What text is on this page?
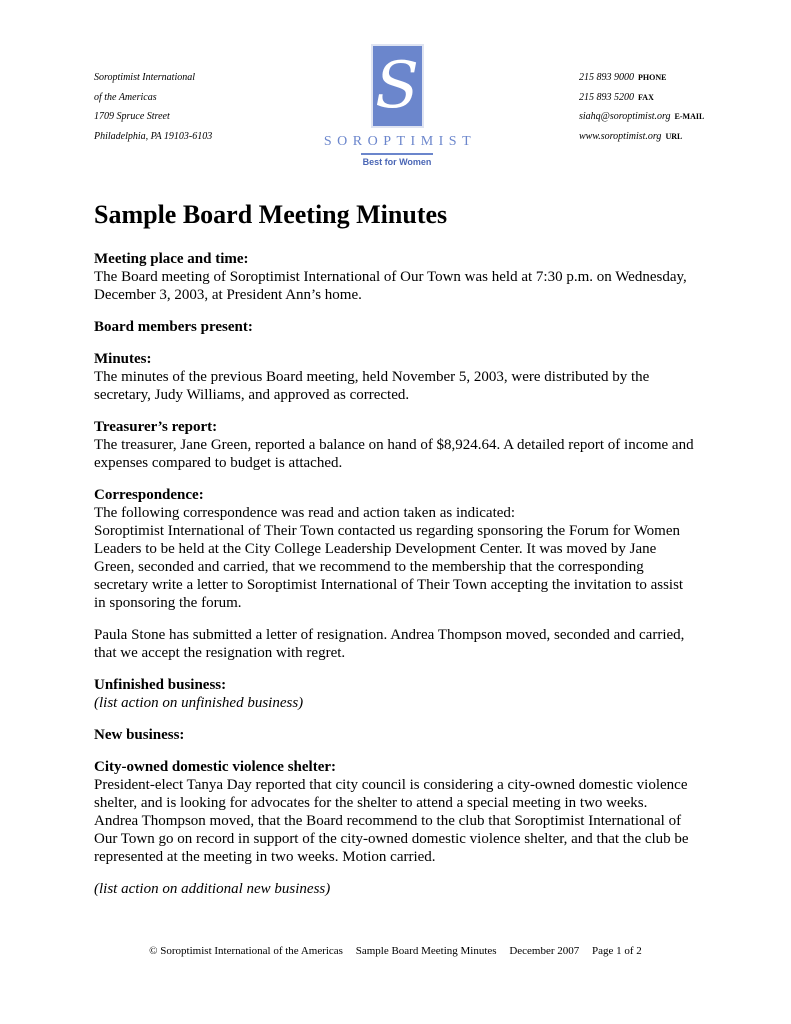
Soroptimist International
of the Americas
1709 Spruce Street
Philadelphia, PA 19103-6103
S
SOROPTIMIST
Best for Women
215 893 9000 PHONE
215 893 5200 FAX
siahq@soroptimist.org E-MAIL
www.soroptimist.org URL
Sample Board Meeting Minutes

Meeting place and time:
The Board meeting of Soroptimist International of Our Town was held at 7:30 p.m. on Wednesday, December 3, 2003, at President Ann’s home.

Board members present:

Minutes:
The minutes of the previous Board meeting, held November 5, 2003, were distributed by the secretary, Judy Williams, and approved as corrected.

Treasurer’s report:
The treasurer, Jane Green, reported a balance on hand of $8,924.64. A detailed report of income and expenses compared to budget is attached.

Correspondence:
The following correspondence was read and action taken as indicated:
Soroptimist International of Their Town contacted us regarding sponsoring the Forum for Women Leaders to be held at the City College Leadership Development Center. It was moved by Jane Green, seconded and carried, that we recommend to the membership that the corresponding secretary write a letter to Soroptimist International of Their Town accepting the invitation to assist in sponsoring the forum.

Paula Stone has submitted a letter of resignation. Andrea Thompson moved, seconded and carried, that we accept the resignation with regret.

Unfinished business:
(list action on unfinished business)

New business:

City-owned domestic violence shelter:
President-elect Tanya Day reported that city council is considering a city-owned domestic violence shelter, and is looking for advocates for the shelter to attend a special meeting in two weeks. Andrea Thompson moved, that the Board recommend to the club that Soroptimist International of Our Town go on record in support of the city-owned domestic violence shelter, and that the club be represented at the meeting in two weeks. Motion carried.

(list action on additional new business)

© Soroptimist International of the Americas Sample Board Meeting Minutes December 2007 Page 1 of 2
